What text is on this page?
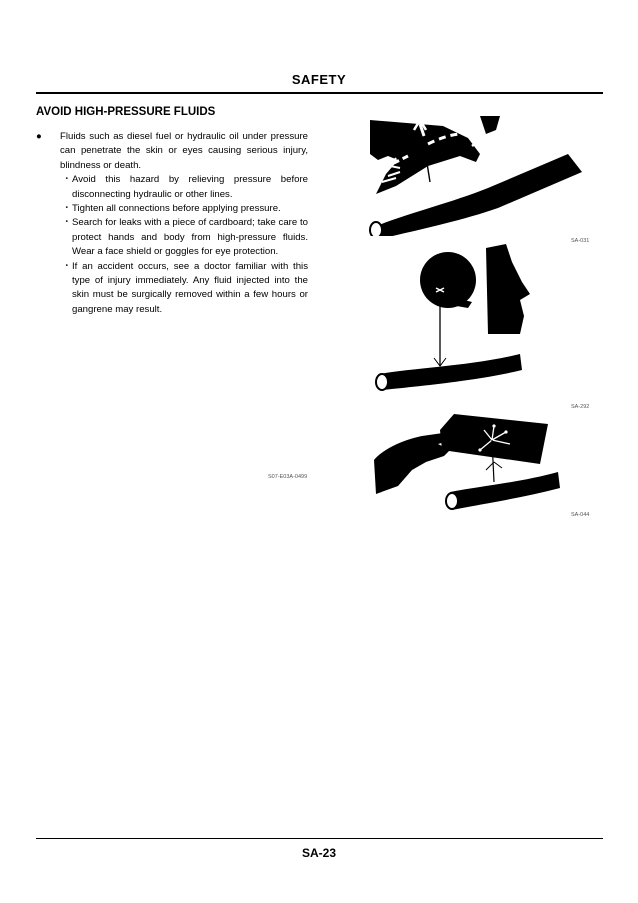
SAFETY
AVOID HIGH-PRESSURE FLUIDS

● Fluids such as diesel fuel or hydraulic oil under pressure can penetrate the skin or eyes causing serious injury, blindness or death.

・ Avoid this hazard by relieving pressure before disconnecting hydraulic or other lines.

・ Tighten all connections before applying pressure.

・ Search for leaks with a piece of cardboard; take care to protect hands and body from high-pressure fluids. Wear a face shield or goggles for eye protection.

・ If an accident occurs, see a doctor familiar with this type of injury immediately. Any fluid injected into the skin must be surgically removed within a few hours or gangrene may result.

S07-E03A-0499
SA-031
SA-292
SA-044
SA-23
